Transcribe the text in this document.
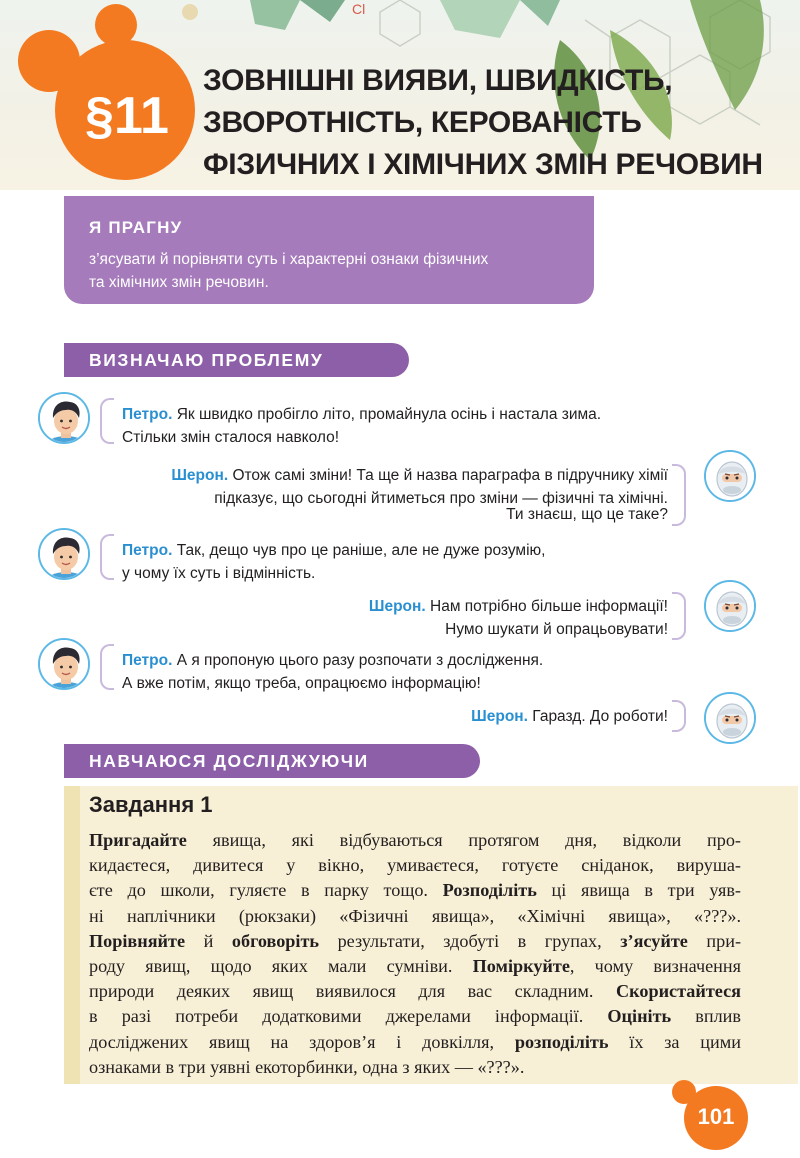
Cl
§11
ЗОВНІШНІ ВИЯВИ, ШВИДКІСТЬ,
ЗВОРОТНІСТЬ, КЕРОВАНІСТЬ
ФІЗИЧНИХ І ХІМІЧНИХ ЗМІН РЕЧОВИН
Я ПРАГНУ
з’ясувати й порівняти суть і характерні ознаки фізичних
та хімічних змін речовин.
ВИЗНАЧАЮ ПРОБЛЕМУ
Петро. Як швидко пробігло літо, промайнула осінь і настала зима.
Стільки змін сталося навколо!
Шерон. Отож самі зміни! Та ще й назва параграфа в підручнику хімії
підказує, що сьогодні йтиметься про зміни — фізичні та хімічні.
Ти знаєш, що це таке?
Петро. Так, дещо чув про це раніше, але не дуже розумію,
у чому їх суть і відмінність.
Шерон. Нам потрібно більше інформації!
Нумо шукати й опрацьовувати!
Петро. А я пропоную цього разу розпочати з дослідження.
А вже потім, якщо треба, опрацюємо інформацію!
Шерон. Гаразд. До роботи!
НАВЧАЮСЯ ДОСЛІДЖУЮЧИ
Завдання 1
Пригадайте явища, які відбуваються протягом дня, відколи про-
кидаєтеся, дивитеся у вікно, умиваєтеся, готуєте сніданок, вируша-
єте до школи, гуляєте в парку тощо. Розподіліть ці явища в три уяв-
ні наплічники (рюкзаки) «Фізичні явища», «Хімічні явища», «???».
Порівняйте й обговоріть результати, здобуті в групах, з’ясуйте при-
роду явищ, щодо яких мали сумніви. Поміркуйте, чому визначення
природи деяких явищ виявилося для вас складним. Скористайтеся
в разі потреби додатковими джерелами інформації. Оцініть вплив
досліджених явищ на здоров’я і довкілля, розподіліть їх за цими
ознаками в три уявні екоторбинки, одна з яких — «???».
101
